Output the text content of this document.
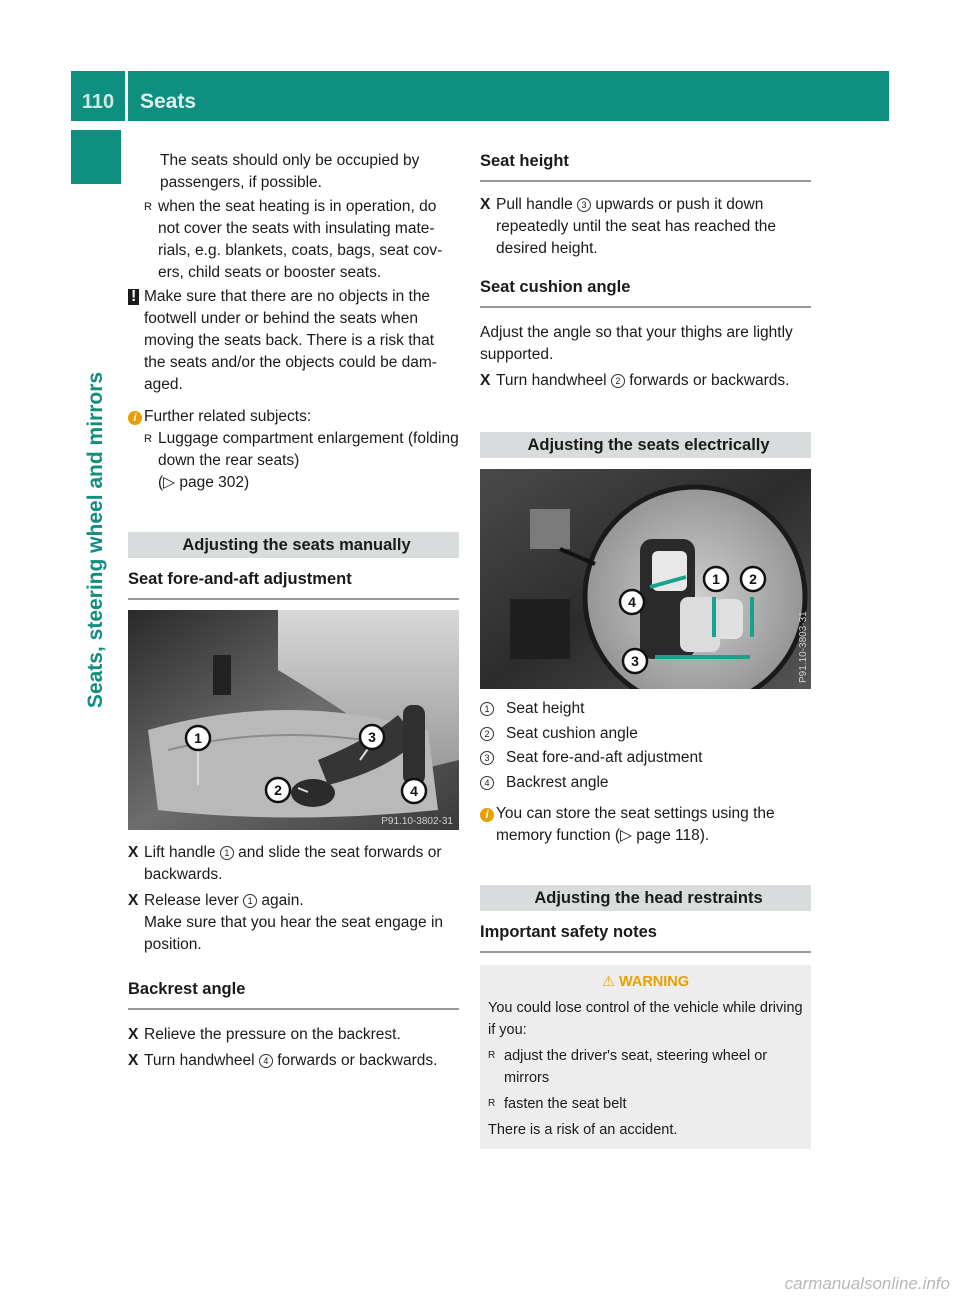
110	Seats
Seats, steering wheel and mirrors

The seats should only be occupied by passengers, if possible.

R when the seat heating is in operation, do not cover the seats with insulating mate-rials, e.g. blankets, coats, bags, seat cov-ers, child seats or booster seats.
! Make sure that there are no objects in the footwell under or behind the seats when moving the seats back. There is a risk that the seats and/or the objects could be dam-aged.
i Further related subjects:
R Luggage compartment enlargement (folding down the rear seats)
(▷ page 302)
Adjusting the seats manually
Seat fore-and-aft adjustment
1
2
3
4
P91.10-3802-31
X Lift handle 1 and slide the seat forwards or backwards.
X Release lever 1 again.
Make sure that you hear the seat engage in position.
Backrest angle
X Relieve the pressure on the backrest.
X Turn handwheel 4 forwards or backwards.
Seat height
X Pull handle 3 upwards or push it down repeatedly until the seat has reached the desired height.
Seat cushion angle

Adjust the angle so that your thighs are lightly supported.

X Turn handwheel 2 forwards or backwards.
Adjusting the seats electrically
1 2
3
4
P91.10-3803-31
1 Seat height
2 Seat cushion angle
3 Seat fore-and-aft adjustment
4 Backrest angle
i You can store the seat settings using the memory function (▷ page 118).
Adjusting the head restraints
Important safety notes
⚠ WARNING

You could lose control of the vehicle while driving if you:

R adjust the driver's seat, steering wheel or mirrors
R fasten the seat belt

There is a risk of an accident.

carmanualsonline.info
